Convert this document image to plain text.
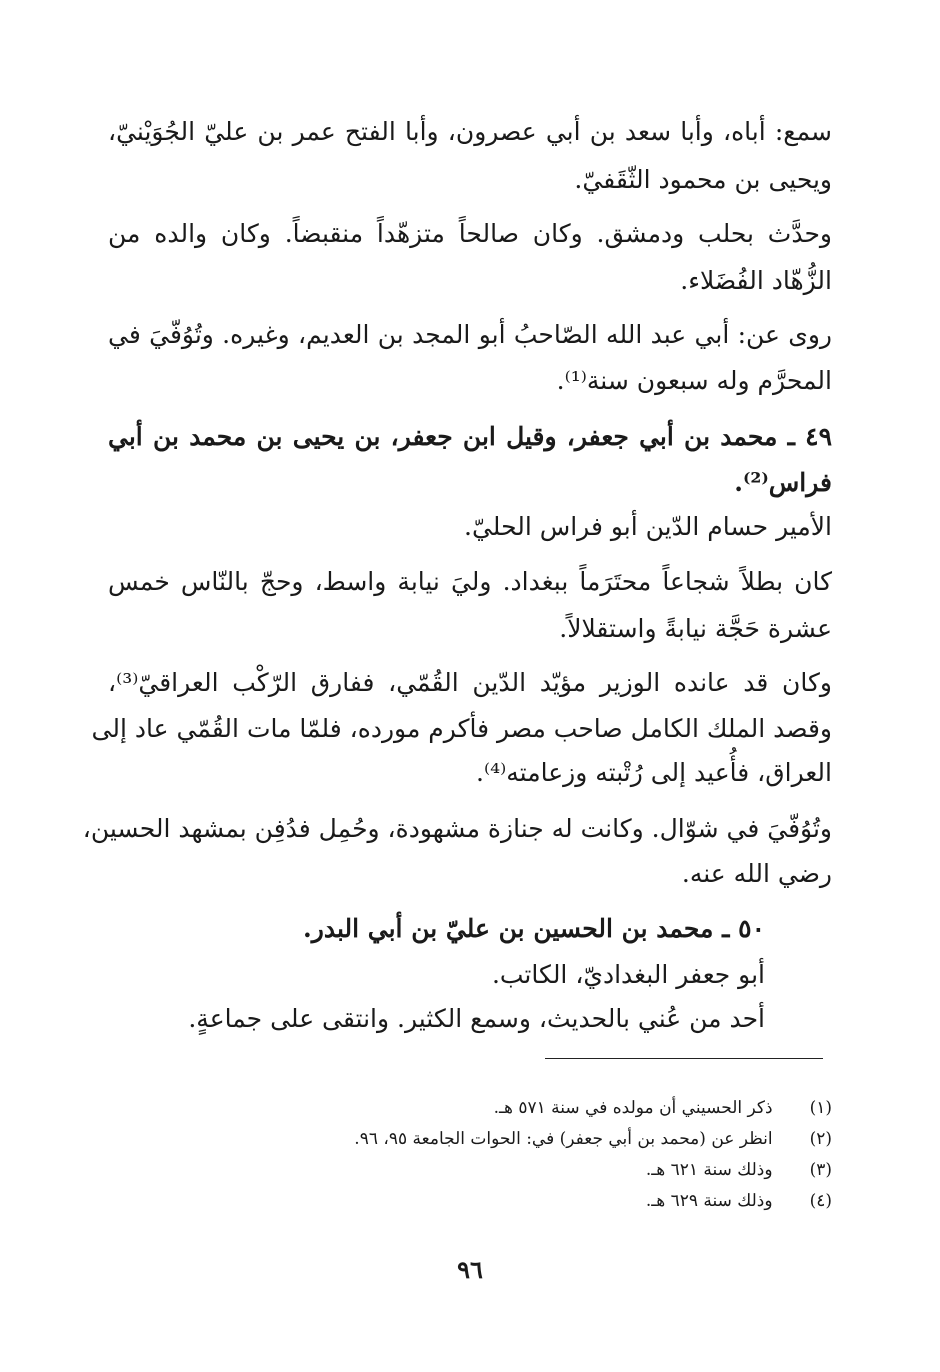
سمع: أباه، وأبا سعد بن أبي عصرون، وأبا الفتح عمر بن عليّ الجُوَيْنيّ،
ويحيى بن محمود الثّقَفيّ.
وحدَّث بحلب ودمشق. وكان صالحاً متزهّداً منقبضاً. وكان والده من
الزُّهّاد الفُضَلاء.
روى عن: أبي عبد الله الصّاحبُ أبو المجد بن العديم، وغيره. وتُوُفّيَ في
المحرَّم وله سبعون سنة⁽¹⁾.
٤٩ ـ محمد بن أبي جعفر، وقيل ابن جعفر، بن يحيى بن محمد بن أبي
فراس⁽²⁾.
الأمير حسام الدّين أبو فراس الحليّ.
كان بطلاً شجاعاً محتَرَماً ببغداد. وليَ نيابة واسط، وحجّ بالنّاس خمس
عشرة حَجَّة نيابةً واستقلالاً.
وكان قد عانده الوزير مؤيّد الدّين القُمّي، ففارق الرّكْب العراقيّ⁽³⁾،
وقصد الملك الكامل صاحب مصر فأكرم مورده، فلمّا مات القُمّي عاد إلى
العراق، فأُعيد إلى رُتْبته وزعامته⁽⁴⁾.
وتُوُفّيَ في شوّال. وكانت له جنازة مشهودة، وحُمِل فدُفِن بمشهد الحسين،
رضي الله عنه.
٥٠ ـ محمد بن الحسين بن عليّ بن أبي البدر.
أبو جعفر البغداديّ، الكاتب.
أحد من عُني بالحديث، وسمع الكثير. وانتقى على جماعةٍ.
(١) ذكر الحسيني أن مولده في سنة ٥٧١ هـ.
(٢) انظر عن (محمد بن أبي جعفر) في: الحوات الجامعة ٩٥، ٩٦.
(٣) وذلك سنة ٦٢١ هـ.
(٤) وذلك سنة ٦٢٩ هـ.
٩٦
